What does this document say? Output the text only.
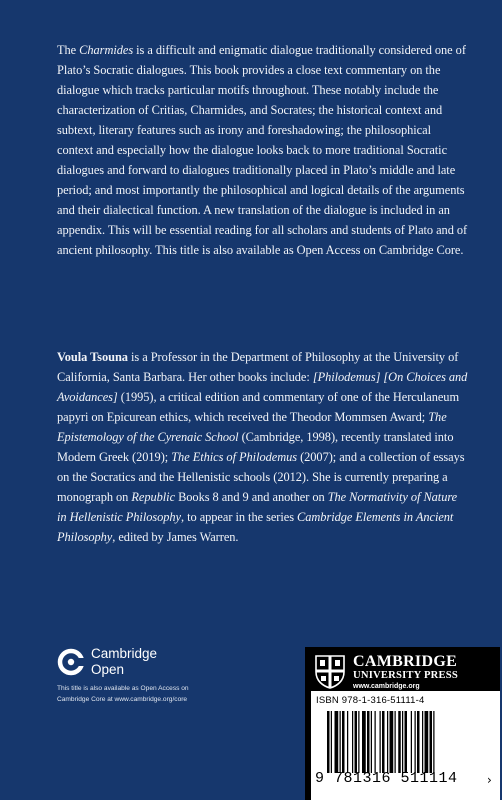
The Charmides is a difficult and enigmatic dialogue traditionally considered one of Plato’s Socratic dialogues. This book provides a close text commentary on the dialogue which tracks particular motifs throughout. These notably include the characterization of Critias, Charmides, and Socrates; the historical context and subtext, literary features such as irony and foreshadowing; the philosophical context and especially how the dialogue looks back to more traditional Socratic dialogues and forward to dialogues traditionally placed in Plato’s middle and late period; and most importantly the philosophical and logical details of the arguments and their dialectical function. A new translation of the dialogue is included in an appendix. This will be essential reading for all scholars and students of Plato and of ancient philosophy. This title is also available as Open Access on Cambridge Core.

Voula Tsouna is a Professor in the Department of Philosophy at the University of California, Santa Barbara. Her other books include: [Philodemus] [On Choices and Avoidances] (1995), a critical edition and commentary of one of the Herculaneum papyri on Epicurean ethics, which received the Theodor Mommsen Award; The Epistemology of the Cyrenaic School (Cambridge, 1998), recently translated into Modern Greek (2019); The Ethics of Philodemus (2007); and a collection of essays on the Socratics and the Hellenistic schools (2012). She is currently preparing a monograph on Republic Books 8 and 9 and another on The Normativity of Nature in Hellenistic Philosophy, to appear in the series Cambridge Elements in Ancient Philosophy, edited by James Warren.

Cambridge
Open
This title is also available as Open Access on
Cambridge Core at www.cambridge.org/core
CAMBRIDGE
UNIVERSITY PRESS
www.cambridge.org
ISBN 978-1-316-51111-4
9 781316 511114 ›
